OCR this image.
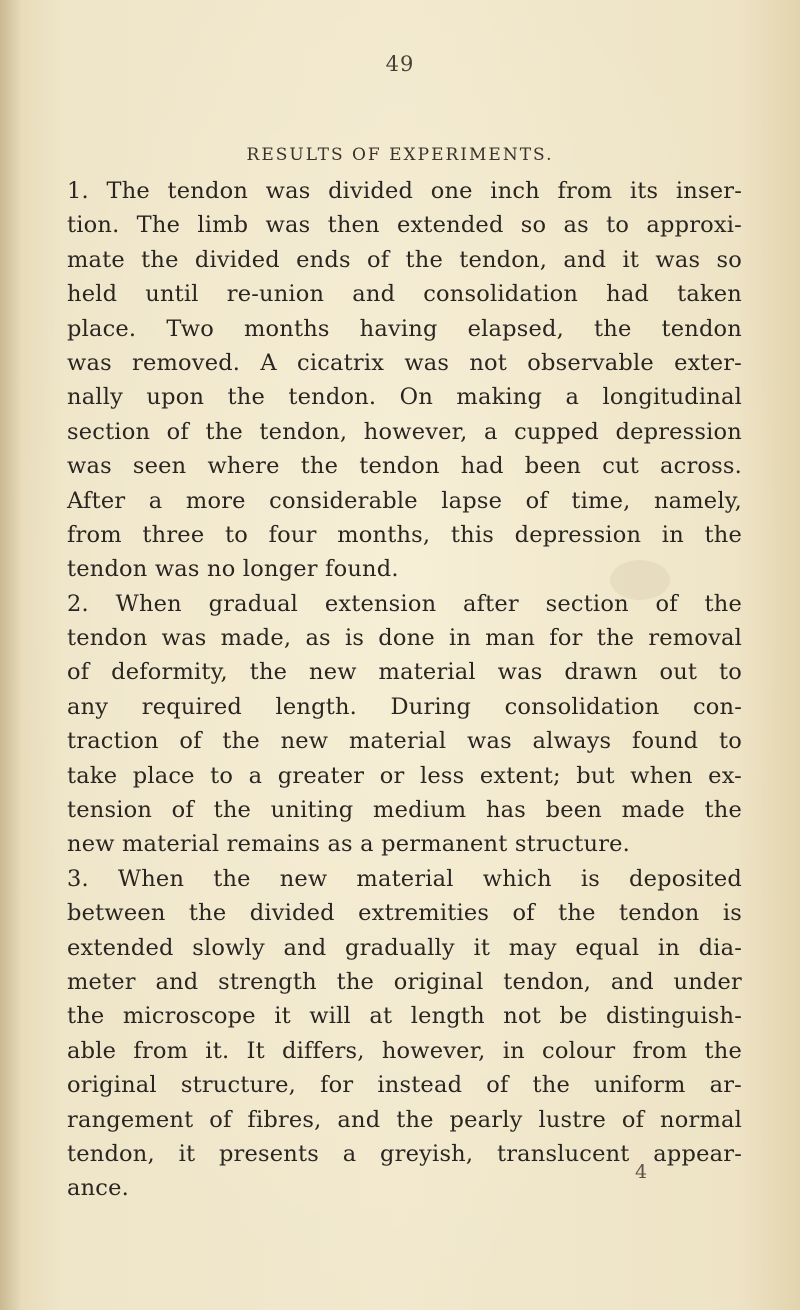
49
RESULTS OF EXPERIMENTS.
1. The tendon was divided one inch from its inser-
tion. The limb was then extended so as to approxi-
mate the divided ends of the tendon, and it was so
held until re-union and consolidation had taken
place. Two months having elapsed, the tendon
was removed. A cicatrix was not observable exter-
nally upon the tendon. On making a longitudinal
section of the tendon, however, a cupped depression
was seen where the tendon had been cut across.
After a more considerable lapse of time, namely,
from three to four months, this depression in the
tendon was no longer found.
2. When gradual extension after section of the
tendon was made, as is done in man for the removal
of deformity, the new material was drawn out to
any required length. During consolidation con-
traction of the new material was always found to
take place to a greater or less extent; but when ex-
tension of the uniting medium has been made the
new material remains as a permanent structure.
3. When the new material which is deposited
between the divided extremities of the tendon is
extended slowly and gradually it may equal in dia-
meter and strength the original tendon, and under
the microscope it will at length not be distinguish-
able from it. It differs, however, in colour from the
original structure, for instead of the uniform ar-
rangement of fibres, and the pearly lustre of normal
tendon, it presents a greyish, translucent appear-
ance.
4
